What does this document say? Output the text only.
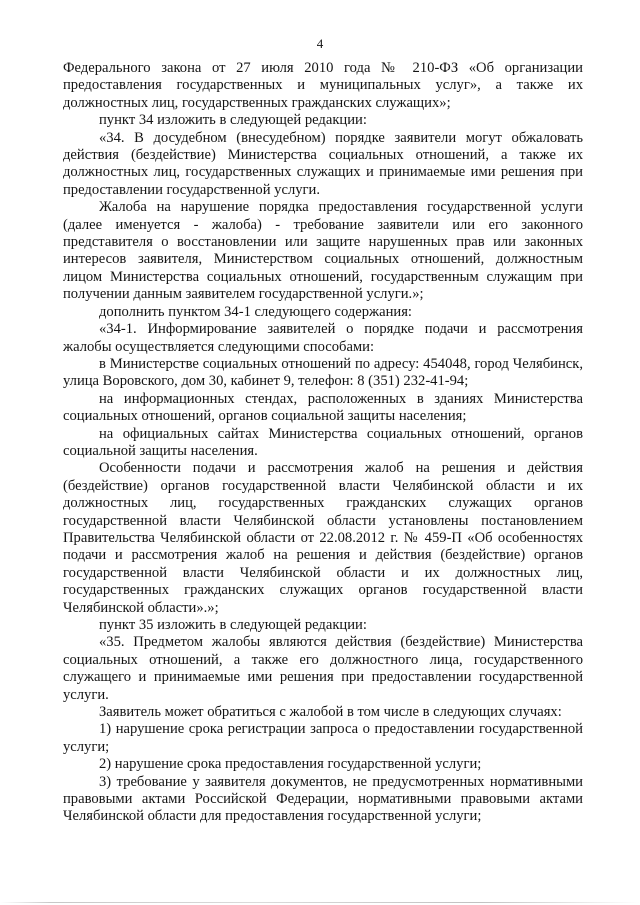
4

Федерального закона от 27 июля 2010 года № 210-ФЗ «Об организации предоставления государственных и муниципальных услуг», а также их должностных лиц, государственных гражданских служащих»;

пункт 34 изложить в следующей редакции:

«34. В досудебном (внесудебном) порядке заявители могут обжаловать действия (бездействие) Министерства социальных отношений, а также их должностных лиц, государственных служащих и принимаемые ими решения при предоставлении государственной услуги.

Жалоба на нарушение порядка предоставления государственной услуги (далее именуется - жалоба) - требование заявители или его законного представителя о восстановлении или защите нарушенных прав или законных интересов заявителя, Министерством социальных отношений, должностным лицом Министерства социальных отношений, государственным служащим при получении данным заявителем государственной услуги.»;

дополнить пунктом 34-1 следующего содержания:

«34-1. Информирование заявителей о порядке подачи и рассмотрения жалобы осуществляется следующими способами:

в Министерстве социальных отношений по адресу: 454048, город Челябинск, улица Воровского, дом 30, кабинет 9, телефон: 8 (351) 232-41-94;

на информационных стендах, расположенных в зданиях Министерства социальных отношений, органов социальной защиты населения;

на официальных сайтах Министерства социальных отношений, органов социальной защиты населения.

Особенности подачи и рассмотрения жалоб на решения и действия (бездействие) органов государственной власти Челябинской области и их должностных лиц, государственных гражданских служащих органов государственной власти Челябинской области установлены постановлением Правительства Челябинской области от 22.08.2012 г. № 459-П «Об особенностях подачи и рассмотрения жалоб на решения и действия (бездействие) органов государственной власти Челябинской области и их должностных лиц, государственных гражданских служащих органов государственной власти Челябинской области».»;

пункт 35 изложить в следующей редакции:

«35. Предметом жалобы являются действия (бездействие) Министерства социальных отношений, а также его должностного лица, государственного служащего и принимаемые ими решения при предоставлении государственной услуги.

Заявитель может обратиться с жалобой в том числе в следующих случаях:

1) нарушение срока регистрации запроса о предоставлении государственной услуги;

2) нарушение срока предоставления государственной услуги;

3) требование у заявителя документов, не предусмотренных нормативными правовыми актами Российской Федерации, нормативными правовыми актами Челябинской области для предоставления государственной услуги;
